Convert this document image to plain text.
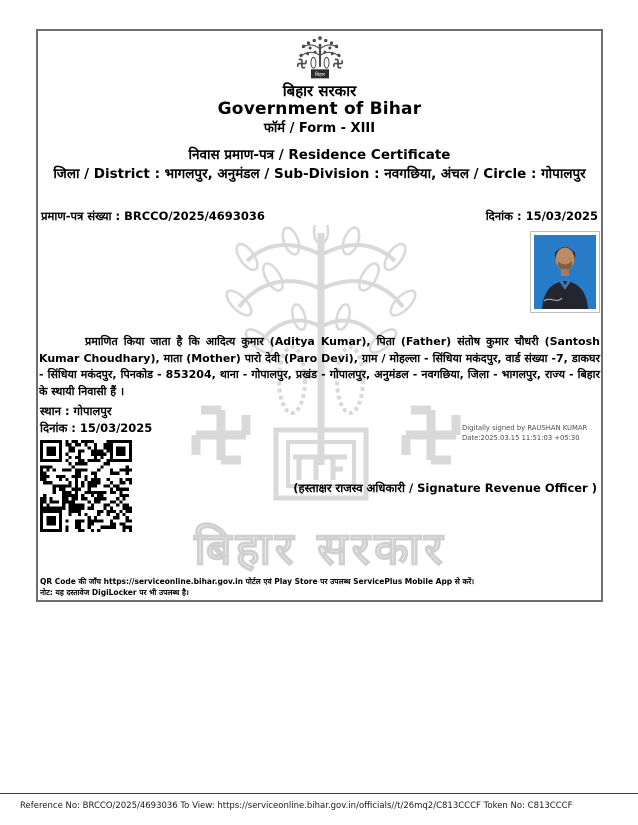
बिहार सरकार
बिहार
बिहार सरकार
Government of Bihar
फॉर्म / Form - XIII
निवास प्रमाण-पत्र / Residence Certificate
जिला / District : भागलपुर, अनुमंडल / Sub-Division : नवगछिया, अंचल / Circle : गोपालपुर
प्रमाण-पत्र संख्या : BRCCO/2025/4693036	दिनांक : 15/03/2025
प्रमाणित किया जाता है कि आदित्य कुमार (Aditya Kumar), पिता (Father) संतोष कुमार चौधरी (Santosh Kumar Choudhary), माता (Mother) पारो देवी (Paro Devi), ग्राम / मोहल्ला - सिंधिया मकंदपुर, वार्ड संख्या -7, डाकघर - सिंधिया मकंदपुर, पिनकोड - 853204, थाना - गोपालपुर, प्रखंड - गोपालपुर, अनुमंडल - नवगछिया, जिला - भागलपुर, राज्य - बिहार के स्थायी निवासी हैं ।
स्थान : गोपालपुर
दिनांक : 15/03/2025	Digitally signed by RAUSHAN KUMAR
Date:2025.03.15 11:51:03 +05:30
(हस्ताक्षर राजस्व अधिकारी / Signature Revenue Officer )
QR Code की जाँच https://serviceonline.bihar.gov.in पोर्टल एवं Play Store पर उपलब्ध ServicePlus Mobile App से करें।
नोट: यह दस्तावेज DigiLocker पर भी उपलब्ध है।
Reference No: BRCCO/2025/4693036 To View: https://serviceonline.bihar.gov.in/officials//t/26mq2/C813CCCF Token No: C813CCCF
